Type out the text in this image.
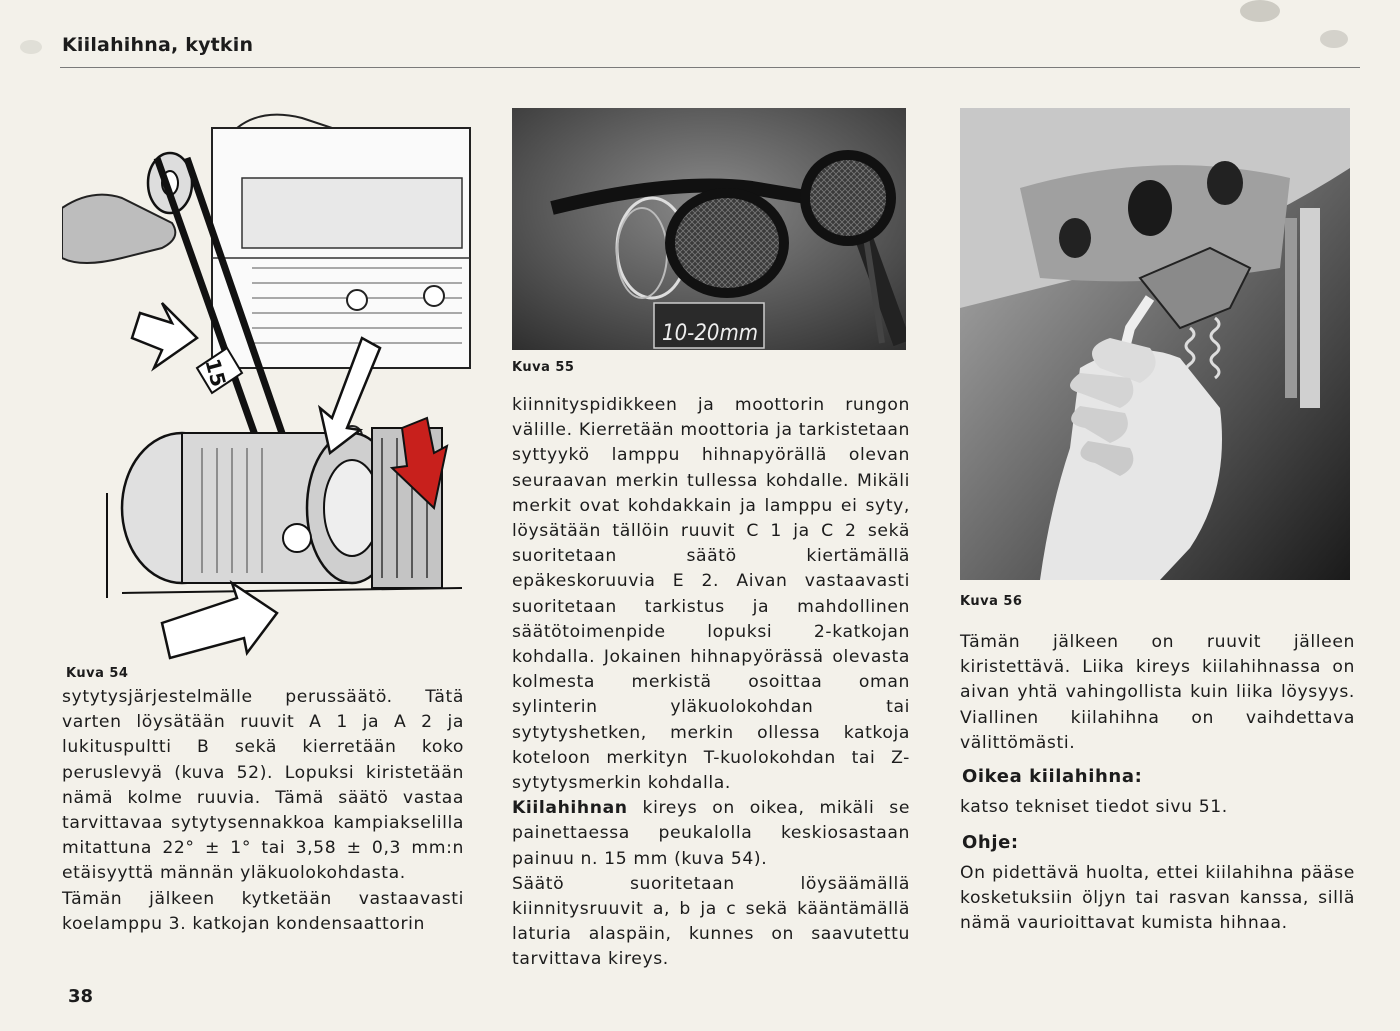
Kiilahihna, kytkin
15
Kuva 54

sytytysjärjestelmälle perussäätö. Tätä varten löysätään ruuvit A 1 ja A 2 ja lukituspultti B sekä kierretään koko peruslevyä (kuva 52). Lopuksi kiristetään nämä kolme ruuvia. Tämä säätö vastaa tarvittavaa sytytysennakkoa kampiakselilla mitattuna 22° ± 1° tai 3,58 ± 0,3 mm:n etäisyyttä männän yläkuolokohdasta.

Tämän jälkeen kytketään vastaavasti koelamppu 3. katkojan kondensaattorin

38
10-20mm
Kuva 55

kiinnityspidikkeen ja moottorin rungon välille. Kierretään moottoria ja tarkistetaan syttyykö lamppu hihnapyörällä olevan seuraavan merkin tullessa kohdalle. Mikäli merkit ovat kohdakkain ja lamppu ei syty, löysätään tällöin ruuvit C 1 ja C 2 sekä suoritetaan säätö kiertämällä epäkeskoruuvia E 2. Aivan vastaavasti suoritetaan tarkistus ja mahdollinen säätötoimenpide lopuksi 2-katkojan kohdalla. Jokainen hihnapyörässä olevasta kolmesta merkistä osoittaa oman sylinterin yläkuolokohdan tai sytytyshetken, merkin ollessa katkoja koteloon merkityn T-kuolokohdan tai Z-sytytysmerkin kohdalla.

Kiilahihnan kireys on oikea, mikäli se painettaessa peukalolla keskiosastaan painuu n. 15 mm (kuva 54).

Säätö suoritetaan löysäämällä kiinnitysruuvit a, b ja c sekä kääntämällä laturia alaspäin, kunnes on saavutettu tarvittava kireys.

Kuva 56

Tämän jälkeen on ruuvit jälleen kiristettävä. Liika kireys kiilahihnassa on aivan yhtä vahingollista kuin liika löysyys. Viallinen kiilahihna on vaihdettava välittömästi.

Oikea kiilahihna:

katso tekniset tiedot sivu 51.

Ohje:

On pidettävä huolta, ettei kiilahihna pääse kosketuksiin öljyn tai rasvan kanssa, sillä nämä vaurioittavat kumista hihnaa.
